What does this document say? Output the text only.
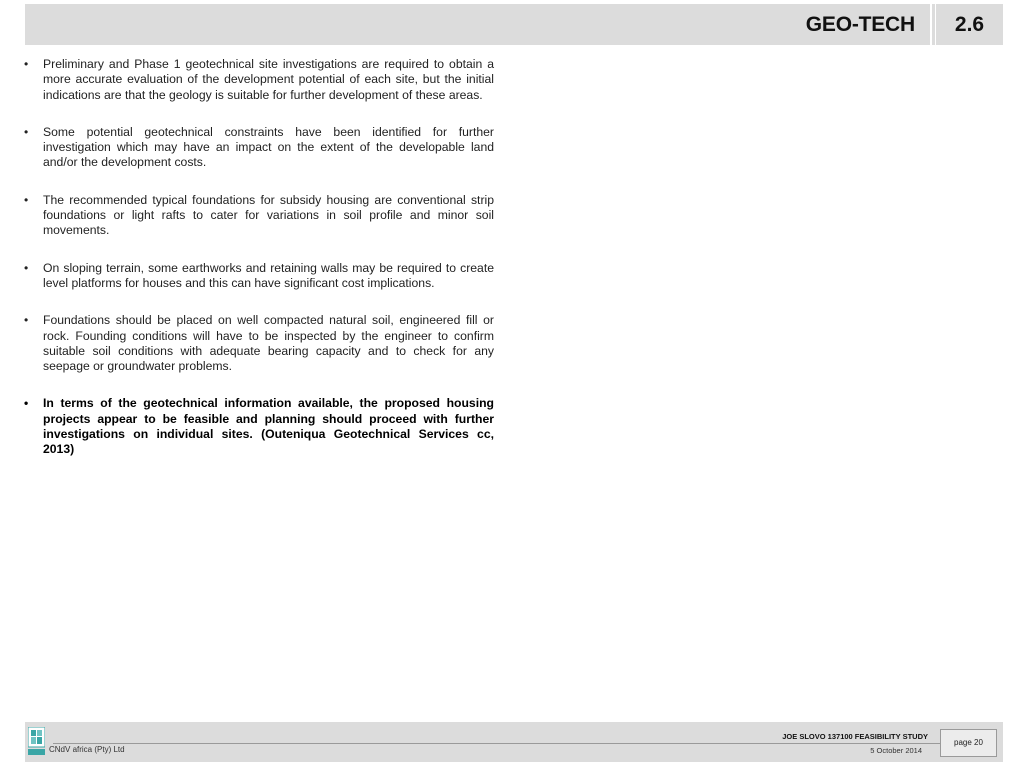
GEO-TECH	2.6
•	Preliminary and Phase 1 geotechnical site investigations are required to obtain a more accurate evaluation of the development potential of each site, but the initial indications are that the geology is suitable for further development of these areas.
•	Some potential geotechnical constraints have been identified for further investigation which may have an impact on the extent of the developable land and/or the development costs.
•	The recommended typical foundations for subsidy housing are conventional strip foundations or light rafts to cater for variations in soil profile and minor soil movements.
•	On sloping terrain, some earthworks and retaining walls may be required to create level platforms for houses and this can have significant cost implications.
•	Foundations should be placed on well compacted natural soil, engineered fill or rock. Founding conditions will have to be inspected by the engineer to confirm suitable soil conditions with adequate bearing capacity and to check for any seepage or groundwater problems.
•	In terms of the geotechnical information available, the proposed housing projects appear to be feasible and planning should proceed with further investigations on individual sites. (Outeniqua Geotechnical Services cc, 2013)
CNdV africa (Pty) Ltd
JOE SLOVO 137100 FEASIBILITY STUDY
5 October 2014
page 20
